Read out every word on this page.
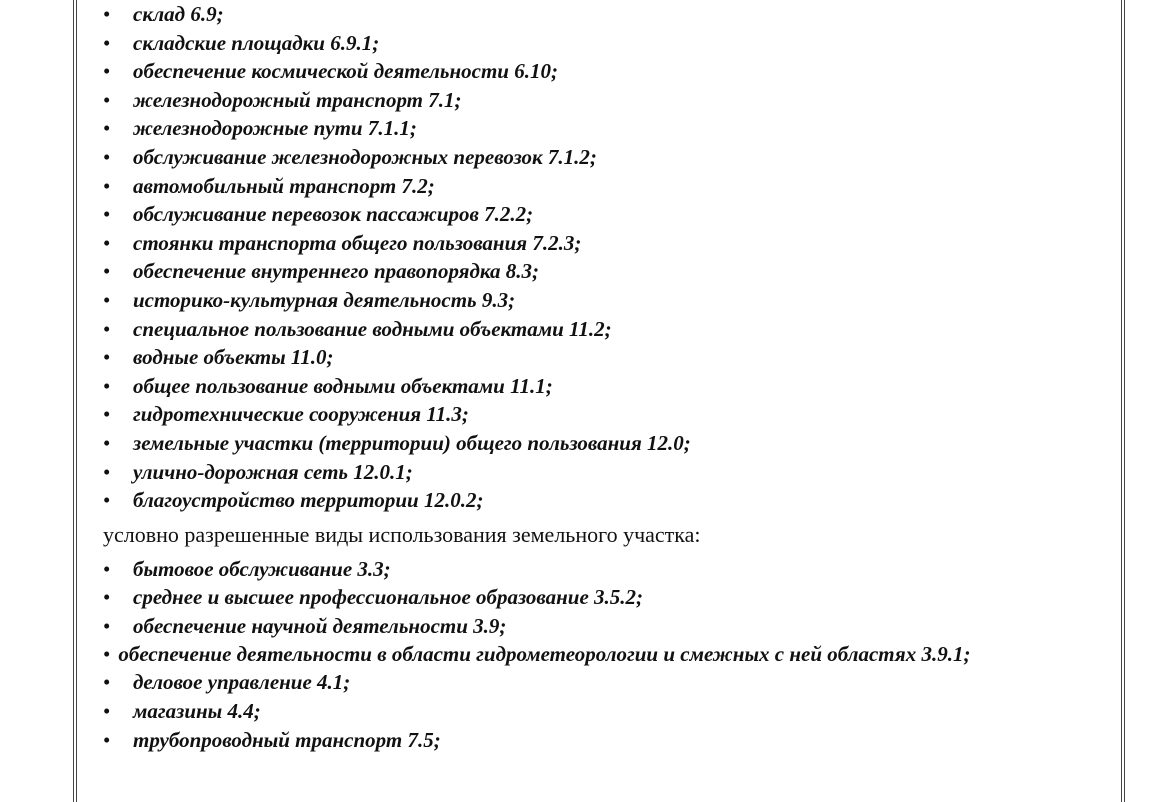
• склад 6.9;
• складские площадки 6.9.1;
• обеспечение космической деятельности 6.10;
• железнодорожный транспорт 7.1;
• железнодорожные пути 7.1.1;
• обслуживание железнодорожных перевозок 7.1.2;
• автомобильный транспорт 7.2;
• обслуживание перевозок пассажиров 7.2.2;
• стоянки транспорта общего пользования 7.2.3;
• обеспечение внутреннего правопорядка 8.3;
• историко-культурная деятельность 9.3;
• специальное пользование водными объектами 11.2;
• водные объекты 11.0;
• общее пользование водными объектами 11.1;
• гидротехнические сооружения 11.3;
• земельные участки (территории) общего пользования 12.0;
• улично-дорожная сеть 12.0.1;
• благоустройство территории 12.0.2;
условно разрешенные виды использования земельного участка:
• бытовое обслуживание 3.3;
• среднее и высшее профессиональное образование 3.5.2;
• обеспечение научной деятельности 3.9;
• обеспечение деятельности в области гидрометеорологии и смежных с ней областях 3.9.1;
• деловое управление 4.1;
• магазины 4.4;
• трубопроводный транспорт 7.5;
